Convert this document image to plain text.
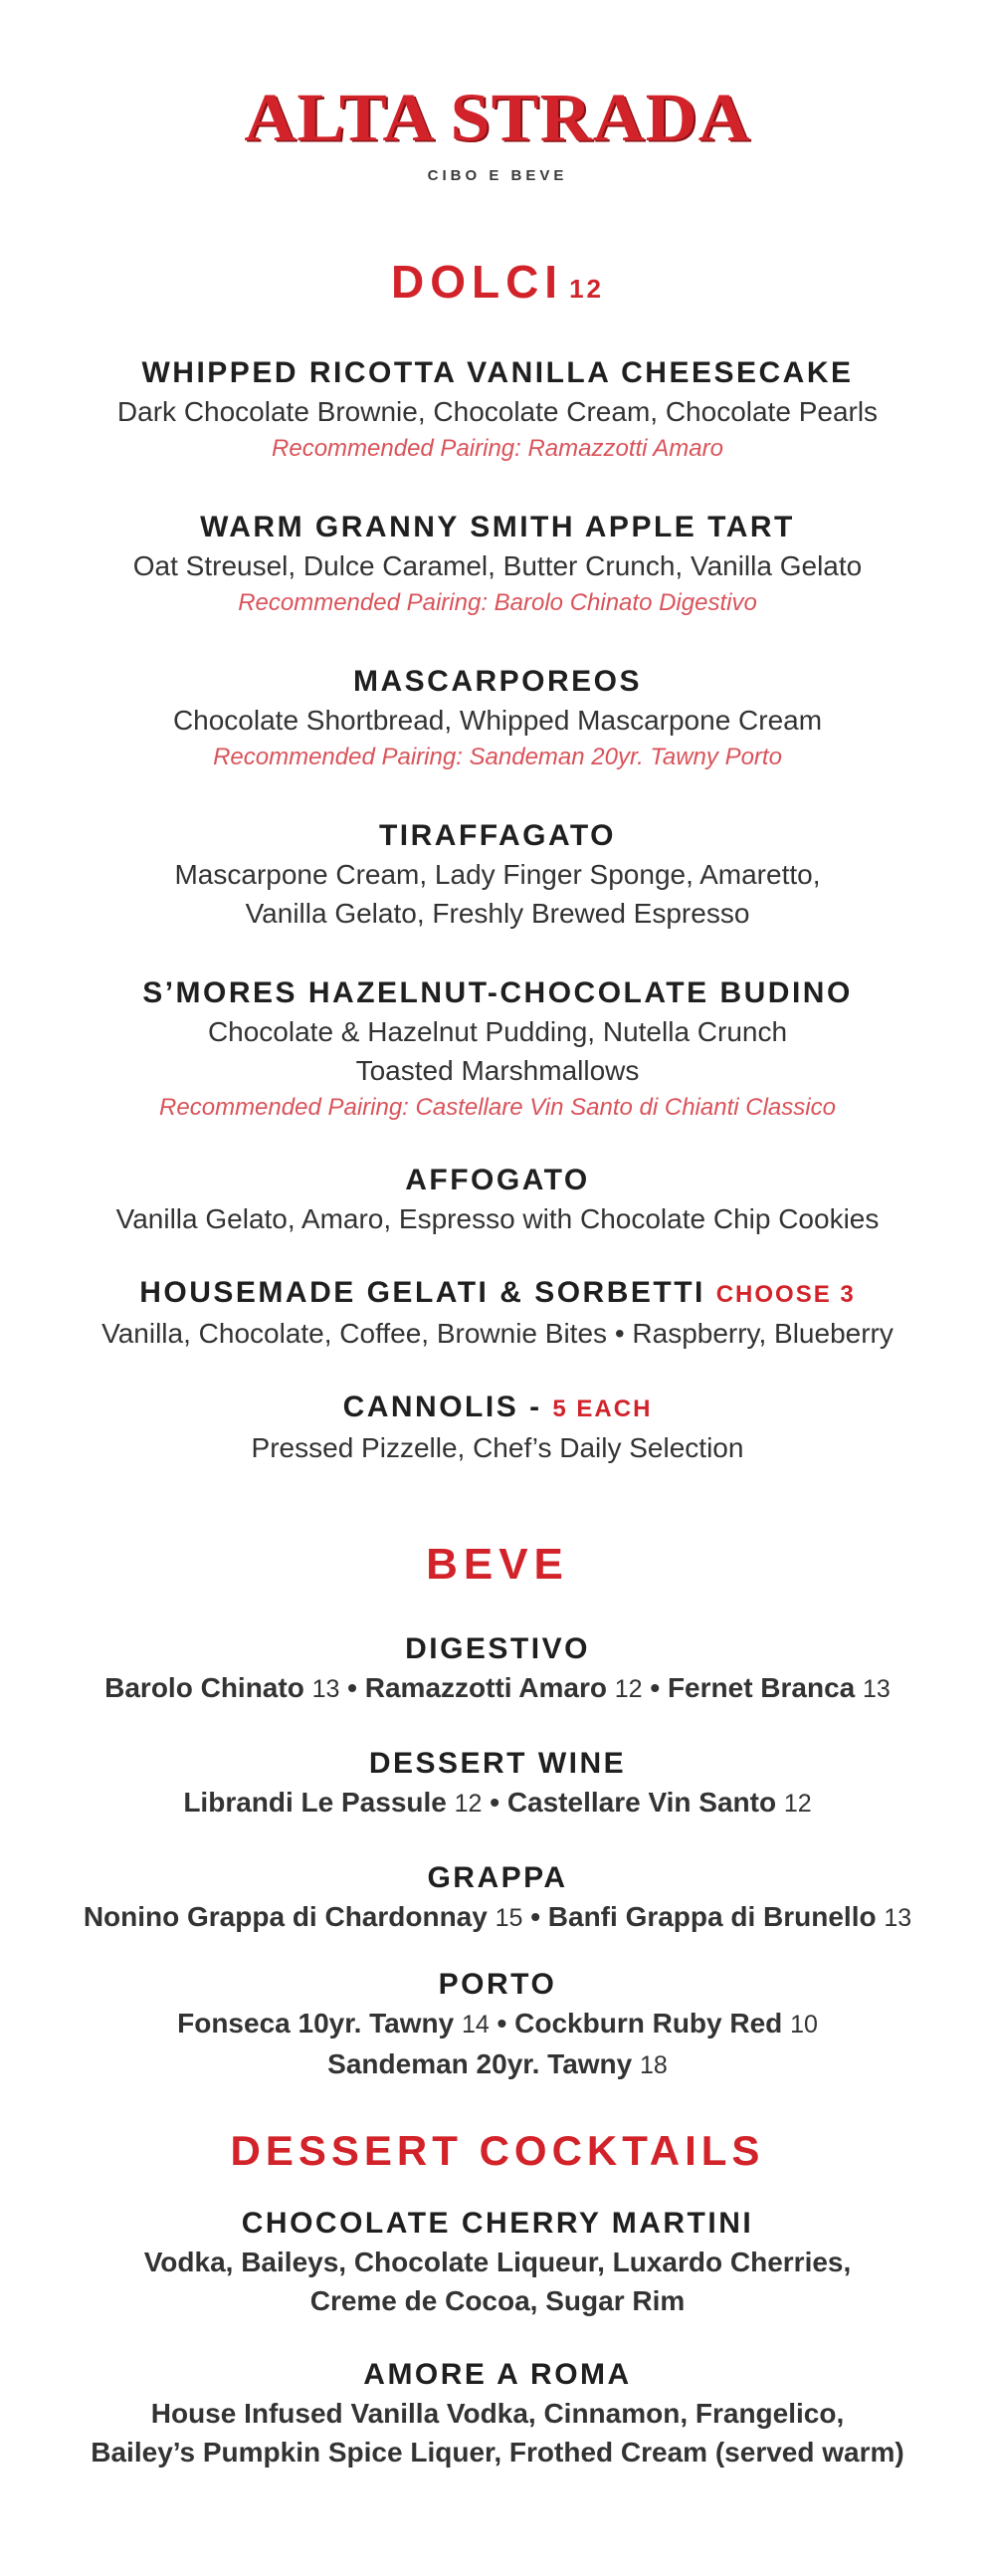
ALTA STRADA
CIBO E BEVE
DOLCI 12
WHIPPED RICOTTA VANILLA CHEESECAKE
Dark Chocolate Brownie, Chocolate Cream, Chocolate Pearls
Recommended Pairing: Ramazzotti Amaro
WARM GRANNY SMITH APPLE TART
Oat Streusel, Dulce Caramel, Butter Crunch, Vanilla Gelato
Recommended Pairing: Barolo Chinato Digestivo
MASCARPOREOS
Chocolate Shortbread, Whipped Mascarpone Cream
Recommended Pairing: Sandeman 20yr. Tawny Porto
TIRAFFAGATO
Mascarpone Cream, Lady Finger Sponge, Amaretto,
Vanilla Gelato, Freshly Brewed Espresso
S’MORES HAZELNUT-CHOCOLATE BUDINO
Chocolate & Hazelnut Pudding, Nutella Crunch
Toasted Marshmallows
Recommended Pairing: Castellare Vin Santo di Chianti Classico
AFFOGATO
Vanilla Gelato, Amaro, Espresso with Chocolate Chip Cookies
HOUSEMADE GELATI & SORBETTI CHOOSE 3
Vanilla, Chocolate, Coffee, Brownie Bites • Raspberry, Blueberry
CANNOLIS - 5 EACH
Pressed Pizzelle, Chef’s Daily Selection
BEVE
DIGESTIVO
Barolo Chinato 13 • Ramazzotti Amaro 12 • Fernet Branca 13
DESSERT WINE
Librandi Le Passule 12 • Castellare Vin Santo 12
GRAPPA
Nonino Grappa di Chardonnay 15 • Banfi Grappa di Brunello 13
PORTO
Fonseca 10yr. Tawny 14 • Cockburn Ruby Red 10
Sandeman 20yr. Tawny 18
DESSERT COCKTAILS
CHOCOLATE CHERRY MARTINI
Vodka, Baileys, Chocolate Liqueur, Luxardo Cherries,
Creme de Cocoa, Sugar Rim
AMORE A ROMA
House Infused Vanilla Vodka, Cinnamon, Frangelico,
Bailey’s Pumpkin Spice Liquer, Frothed Cream (served warm)
